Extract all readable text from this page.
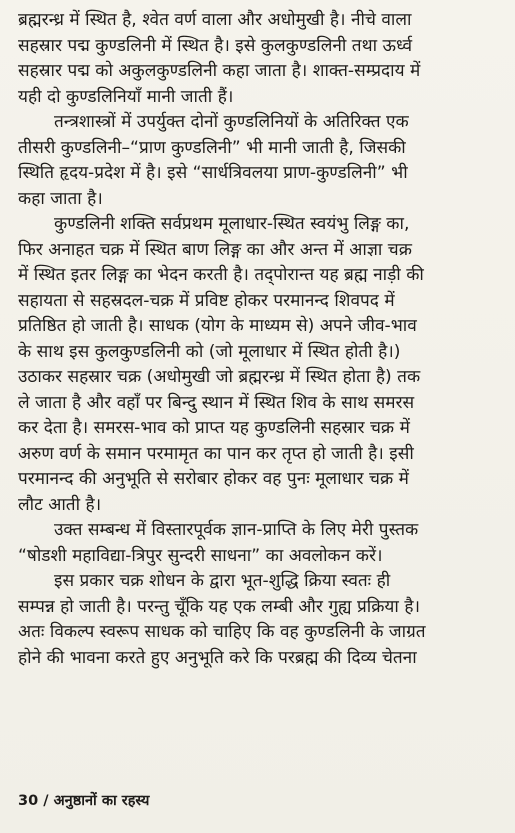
ब्रह्मरन्ध्र में स्थित है, श्वेत वर्ण वाला और अधोमुखी है। नीचे वाला
सहस्रार पद्म कुण्डलिनी में स्थित है। इसे कुलकुण्डलिनी तथा ऊर्ध्व
सहस्रार पद्म को अकुलकुण्डलिनी कहा जाता है। शाक्त-सम्प्रदाय में
यही दो कुण्डलिनियाँ मानी जाती हैं।
तन्त्रशास्त्रों में उपर्युक्त दोनों कुण्डलिनियों के अतिरिक्त एक
तीसरी कुण्डलिनी–“प्राण कुण्डलिनी” भी मानी जाती है, जिसकी
स्थिति हृदय-प्रदेश में है। इसे “सार्धत्रिवलया प्राण-कुण्डलिनी” भी
कहा जाता है।
कुण्डलिनी शक्ति सर्वप्रथम मूलाधार-स्थित स्वयंभु लिङ्ग का,
फिर अनाहत चक्र में स्थित बाण लिङ्ग का और अन्त में आज्ञा चक्र
में स्थित इतर लिङ्ग का भेदन करती है। तद्पोरान्त यह ब्रह्म नाड़ी की
सहायता से सहस्रदल-चक्र में प्रविष्ट होकर परमानन्द शिवपद में
प्रतिष्ठित हो जाती है। साधक (योग के माध्यम से) अपने जीव-भाव
के साथ इस कुलकुण्डलिनी को (जो मूलाधार में स्थित होती है।)
उठाकर सहस्रार चक्र (अधोमुखी जो ब्रह्मरन्ध्र में स्थित होता है) तक
ले जाता है और वहाँ पर बिन्दु स्थान में स्थित शिव के साथ समरस
कर देता है। समरस-भाव को प्राप्त यह कुण्डलिनी सहस्रार चक्र में
अरुण वर्ण के समान परमामृत का पान कर तृप्त हो जाती है। इसी
परमानन्द की अनुभूति से सरोबार होकर वह पुनः मूलाधार चक्र में
लौट आती है।
उक्त सम्बन्ध में विस्तारपूर्वक ज्ञान-प्राप्ति के लिए मेरी पुस्तक
“षोडशी महाविद्या-त्रिपुर सुन्दरी साधना” का अवलोकन करें।
इस प्रकार चक्र शोधन के द्वारा भूत-शुद्धि क्रिया स्वतः ही
सम्पन्न हो जाती है। परन्तु चूँकि यह एक लम्बी और गुह्य प्रक्रिया है।
अतः विकल्प स्वरूप साधक को चाहिए कि वह कुण्डलिनी के जाग्रत
होने की भावना करते हुए अनुभूति करे कि परब्रह्म की दिव्य चेतना
30 / अनुष्ठानों का रहस्य
